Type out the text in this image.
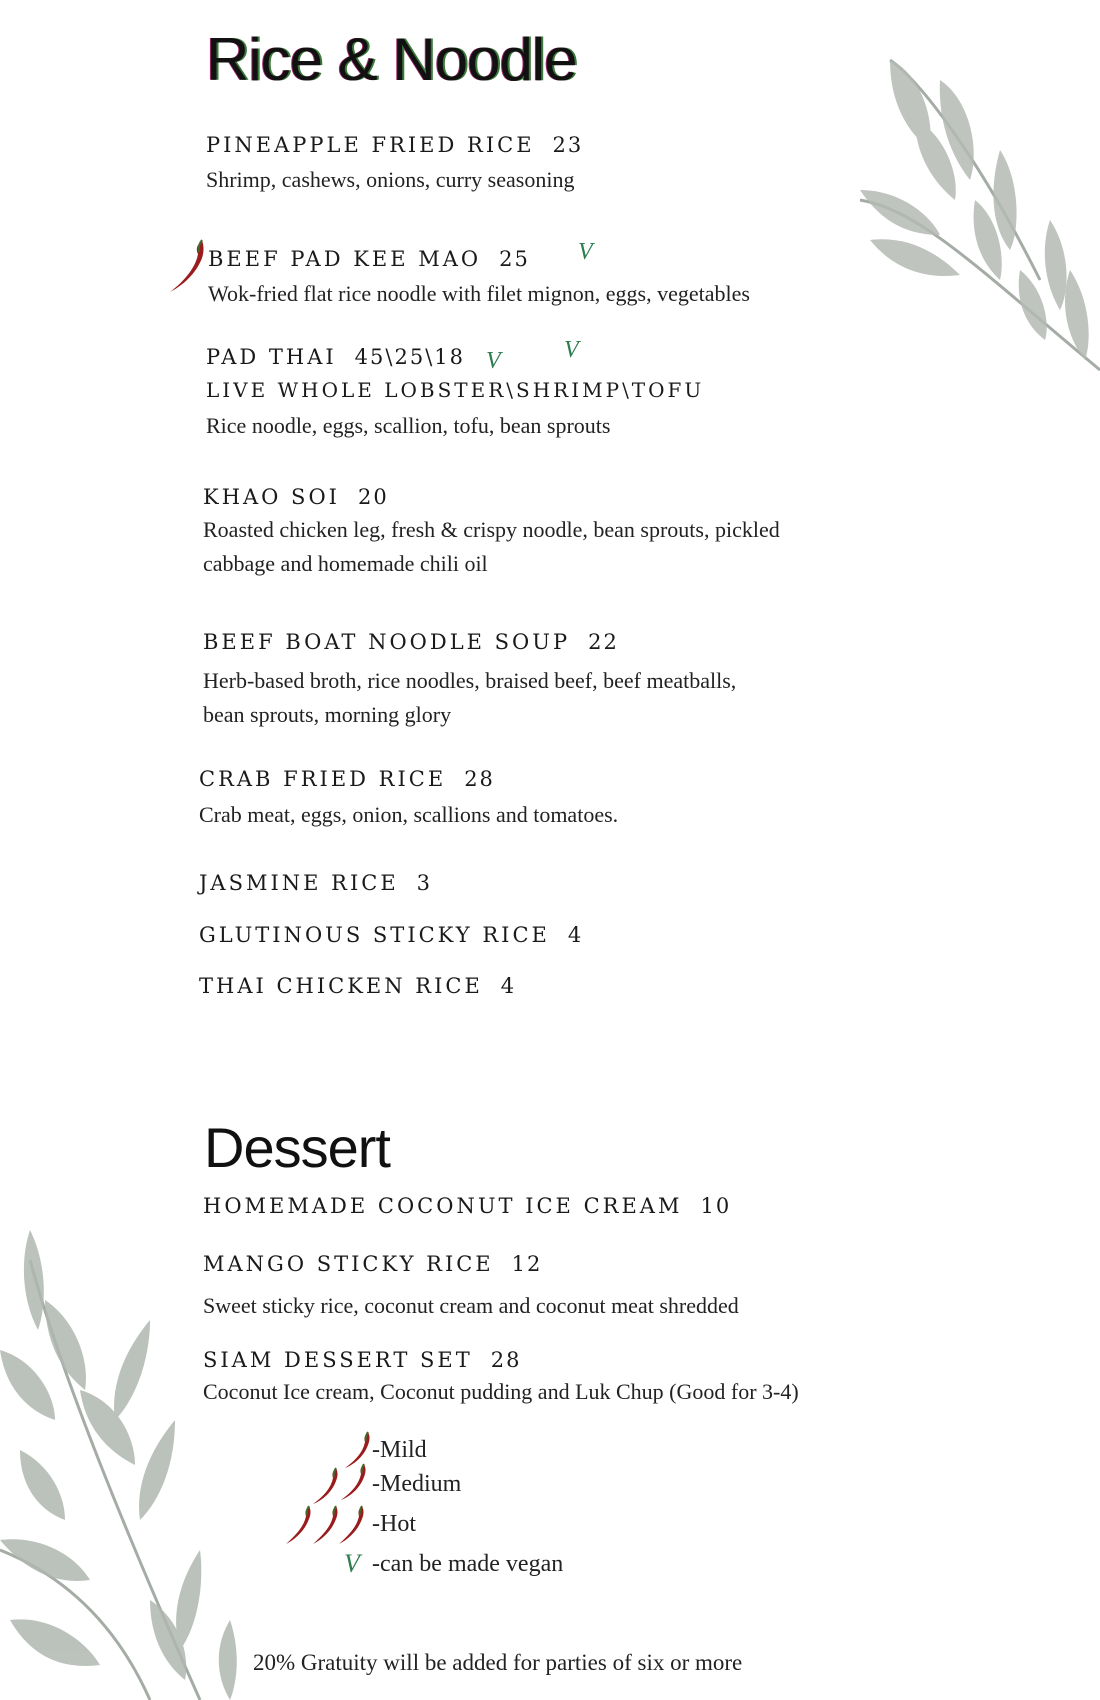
Rice & Noodle
PINEAPPLE FRIED RICE 23
Shrimp, cashews, onions, curry seasoning
BEEF PAD KEE MAO 25 V
Wok-fried flat rice noodle with filet mignon, eggs, vegetables
PAD THAI 45\25\18 V	V
LIVE WHOLE LOBSTER\SHRIMP\TOFU
Rice noodle, eggs, scallion, tofu, bean sprouts
KHAO SOI 20
Roasted chicken leg, fresh & crispy noodle, bean sprouts, pickled
cabbage and homemade chili oil
BEEF BOAT NOODLE SOUP 22
Herb-based broth, rice noodles, braised beef, beef meatballs,
bean sprouts, morning glory
CRAB FRIED RICE 28
Crab meat, eggs, onion, scallions and tomatoes.
JASMINE RICE 3
GLUTINOUS STICKY RICE 4
THAI CHICKEN RICE 4
Dessert
HOMEMADE COCONUT ICE CREAM 10
MANGO STICKY RICE 12
Sweet sticky rice, coconut cream and coconut meat shredded
SIAM DESSERT SET 28
Coconut Ice cream, Coconut pudding and Luk Chup (Good for 3-4)
-Mild
-Medium
-Hot
V -can be made vegan
20% Gratuity will be added for parties of six or more
